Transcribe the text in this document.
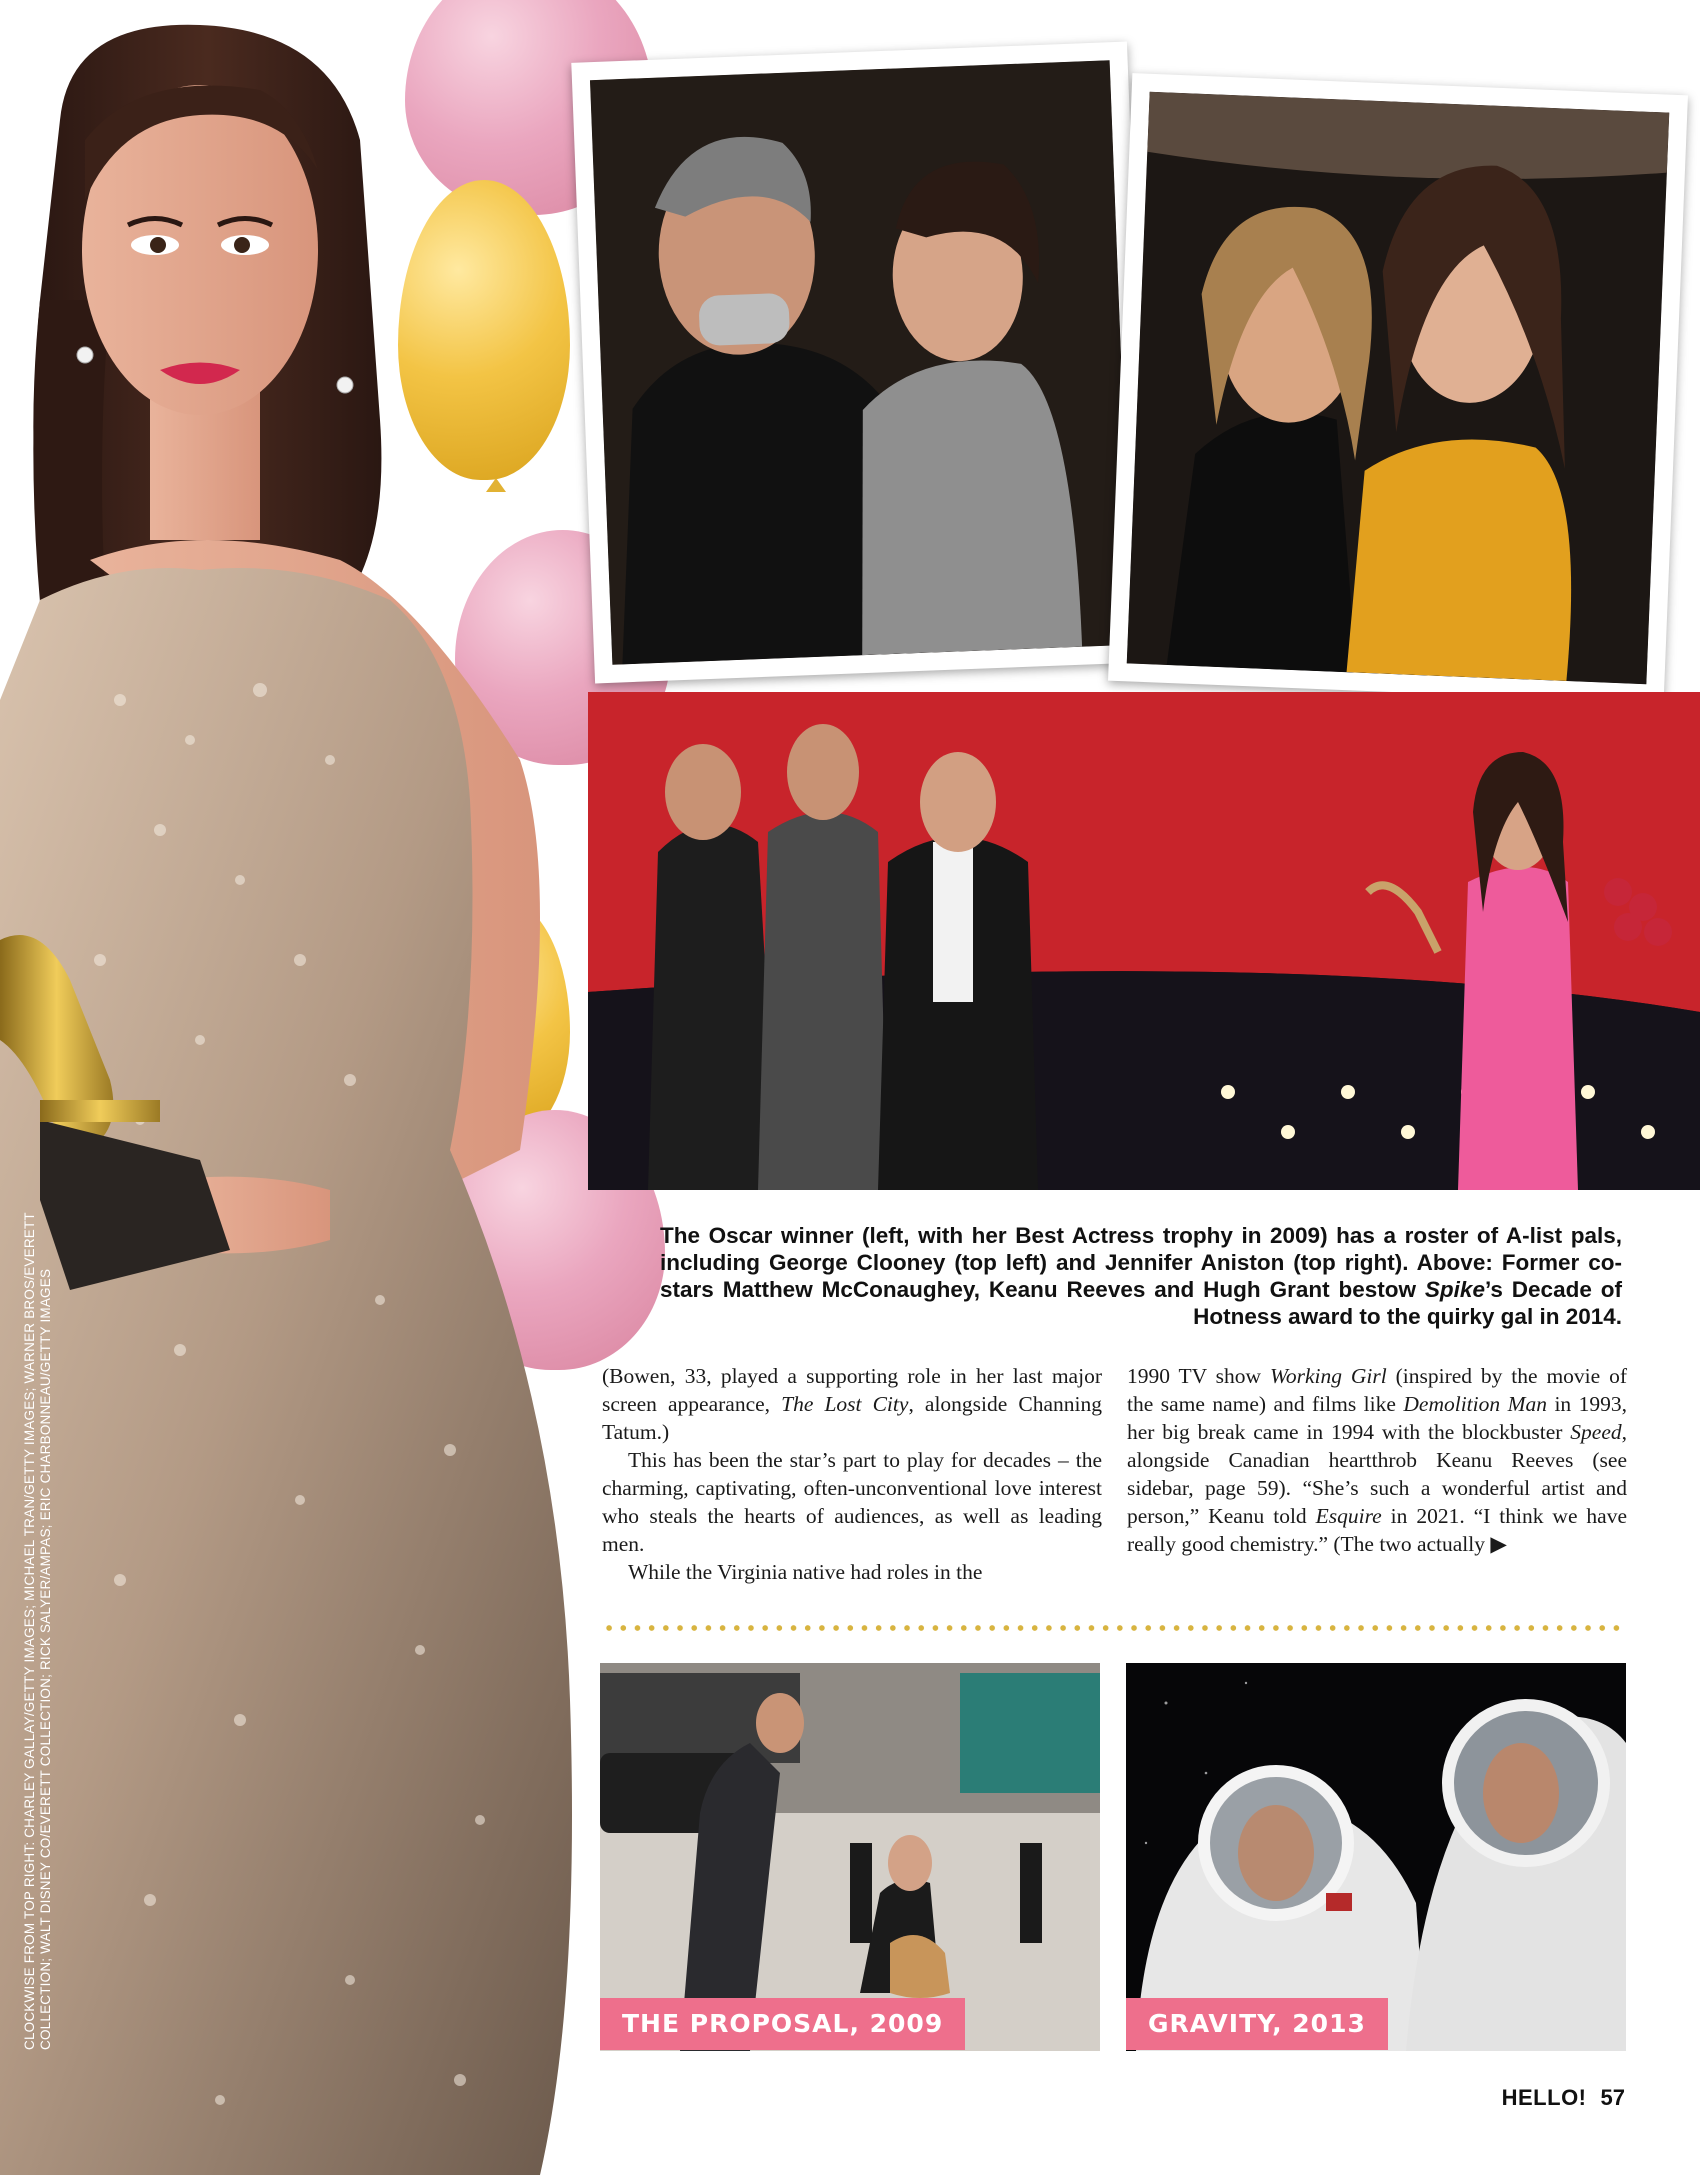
The Oscar winner (left, with her Best Actress trophy in 2009) has a roster of A-list pals, including George Clooney (top left) and Jennifer Aniston (top right). Above: Former co-stars Matthew McConaughey, Keanu Reeves and Hugh Grant bestow Spike’s Decade of Hotness award to the quirky gal in 2014.

(Bowen, 33, played a supporting role in her last major screen appearance, The Lost City, alongside Channing Tatum.)

This has been the star’s part to play for decades – the charming, captivating, often-unconventional love interest who steals the hearts of audiences, as well as leading men.

While the Virginia native had roles in the

1990 TV show Working Girl (inspired by the movie of the same name) and films like Demolition Man in 1993, her big break came in 1994 with the blockbuster Speed, alongside Canadian heartthrob Keanu Reeves (see sidebar, page 59). “She’s such a wonderful artist and person,” Keanu told Esquire in 2021. “I think we have really good chemistry.” (The two actually ▶

THE PROPOSAL, 2009	GRAVITY, 2013
CLOCKWISE FROM TOP RIGHT: CHARLEY GALLAY/GETTY IMAGES; MICHAEL TRAN/GETTY IMAGES; WARNER BROS/EVERETT COLLECTION; WALT DISNEY CO/EVERETT COLLECTION; RICK SALYER/AMPAS; ERIC CHARBONNEAU/GETTY IMAGES
HELLO! 57
